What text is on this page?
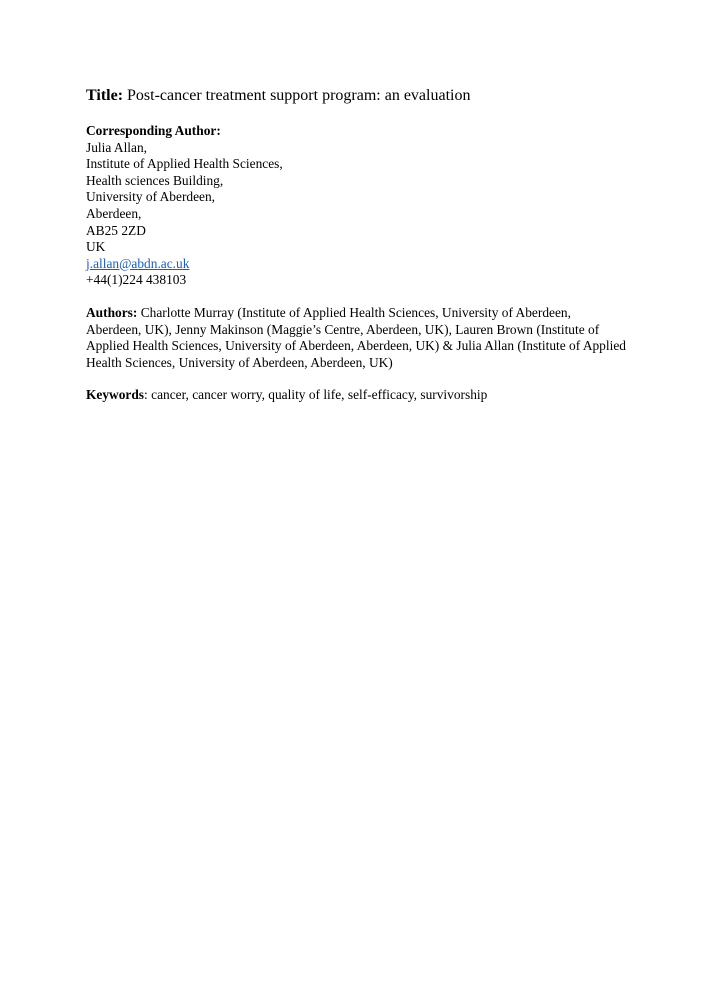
Title: Post-cancer treatment support program: an evaluation
Corresponding Author:
Julia Allan,
Institute of Applied Health Sciences,
Health sciences Building,
University of Aberdeen,
Aberdeen,
AB25 2ZD
UK
j.allan@abdn.ac.uk
+44(1)224 438103
Authors: Charlotte Murray (Institute of Applied Health Sciences, University of Aberdeen, Aberdeen, UK), Jenny Makinson (Maggie’s Centre, Aberdeen, UK), Lauren Brown (Institute of Applied Health Sciences, University of Aberdeen, Aberdeen, UK) & Julia Allan (Institute of Applied Health Sciences, University of Aberdeen, Aberdeen, UK)
Keywords: cancer, cancer worry, quality of life, self-efficacy, survivorship
